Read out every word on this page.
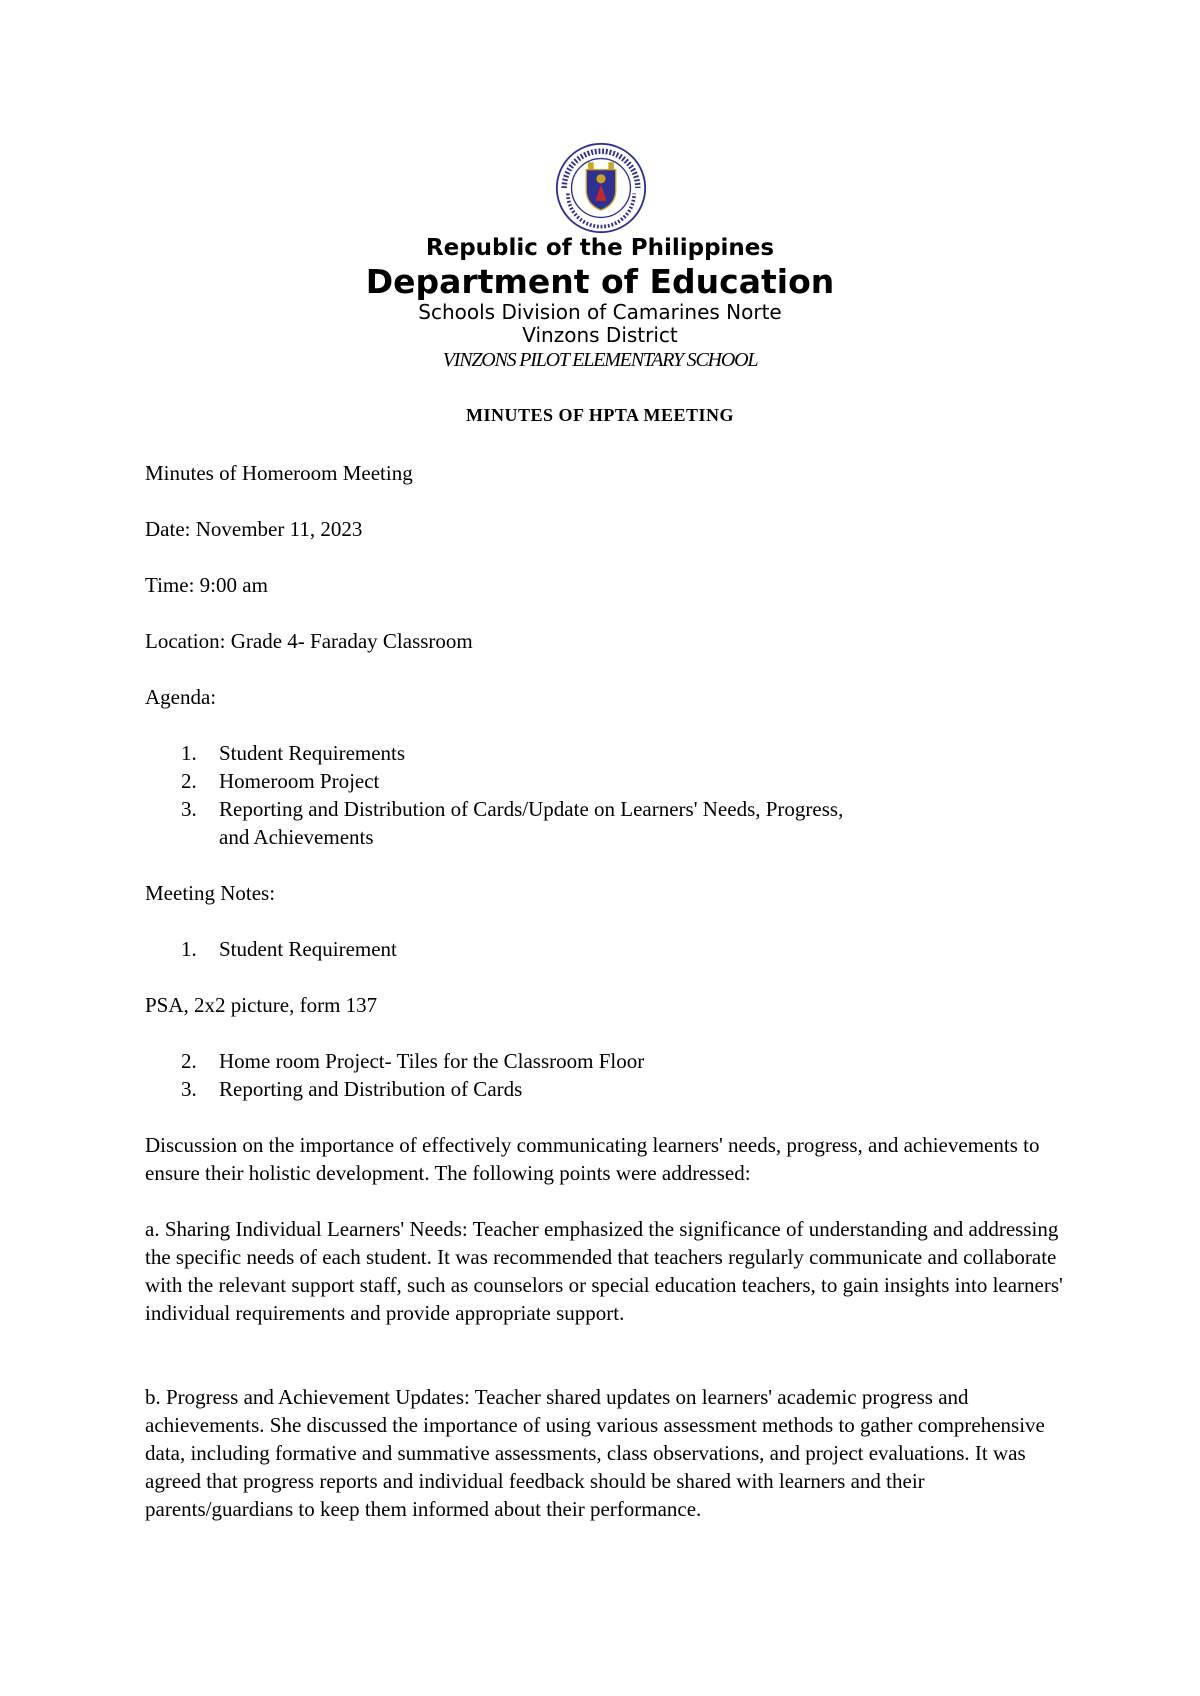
Republic of the Philippines
Department of Education
Schools Division of Camarines Norte
Vinzons District
VINZONS PILOT ELEMENTARY SCHOOL
MINUTES OF HPTA MEETING

Minutes of Homeroom Meeting

Date: November 11, 2023

Time: 9:00 am

Location: Grade 4- Faraday Classroom

Agenda:

1. Student Requirements
2. Homeroom Project
3. Reporting and Distribution of Cards/Update on Learners' Needs, Progress, and Achievements

Meeting Notes:

1. Student Requirement

PSA, 2x2 picture, form 137

2. Home room Project- Tiles for the Classroom Floor
3. Reporting and Distribution of Cards

Discussion on the importance of effectively communicating learners' needs, progress, and achievements to ensure their holistic development. The following points were addressed:

a. Sharing Individual Learners' Needs: Teacher emphasized the significance of understanding and addressing the specific needs of each student. It was recommended that teachers regularly communicate and collaborate with the relevant support staff, such as counselors or special education teachers, to gain insights into learners' individual requirements and provide appropriate support.

b. Progress and Achievement Updates: Teacher shared updates on learners' academic progress and achievements. She discussed the importance of using various assessment methods to gather comprehensive data, including formative and summative assessments, class observations, and project evaluations. It was agreed that progress reports and individual feedback should be shared with learners and their parents/guardians to keep them informed about their performance.
